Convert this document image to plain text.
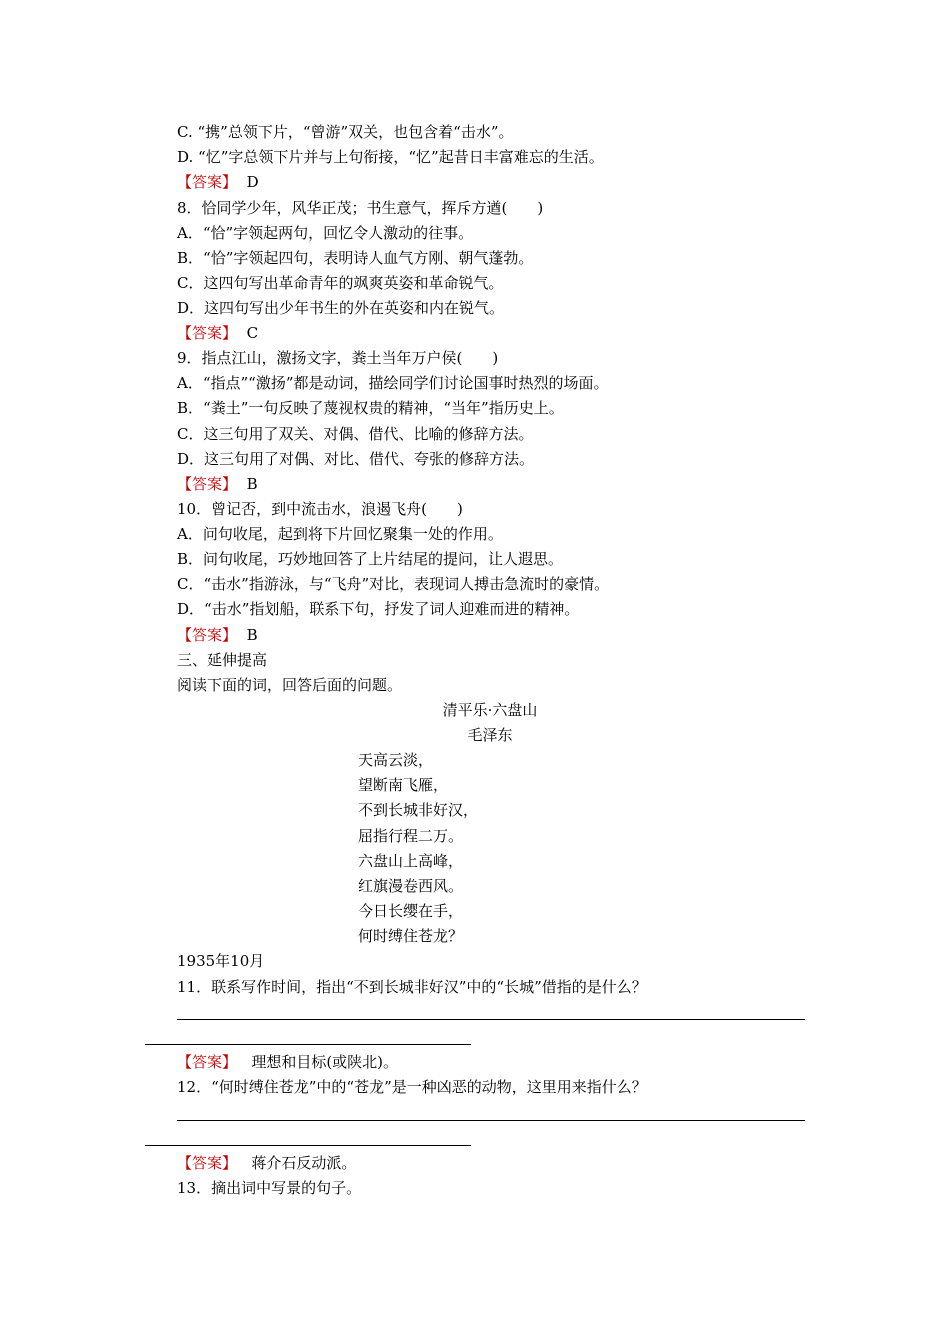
C. “携”总领下片，“曾游”双关，也包含着“击水”。
D. “忆”字总领下片并与上句衔接，“忆”起昔日丰富难忘的生活。
【答案】 D
8．恰同学少年，风华正茂；书生意气，挥斥方遒(　　)
A．“恰”字领起两句，回忆令人激动的往事。
B．“恰”字领起四句，表明诗人血气方刚、朝气蓬勃。
C．这四句写出革命青年的飒爽英姿和革命锐气。
D．这四句写出少年书生的外在英姿和内在锐气。
【答案】 C
9．指点江山，激扬文字，粪土当年万户侯(　　)
A．“指点”“激扬”都是动词，描绘同学们讨论国事时热烈的场面。
B．“粪土”一句反映了蔑视权贵的精神，“当年”指历史上。
C．这三句用了双关、对偶、借代、比喻的修辞方法。
D．这三句用了对偶、对比、借代、夸张的修辞方法。
【答案】 B
10．曾记否，到中流击水，浪遏飞舟(　　)
A．问句收尾，起到将下片回忆聚集一处的作用。
B．问句收尾，巧妙地回答了上片结尾的提问，让人遐思。
C．“击水”指游泳，与“飞舟”对比，表现词人搏击急流时的豪情。
D．“击水”指划船，联系下句，抒发了词人迎难而进的精神。
【答案】 B
三、延伸提高
阅读下面的词，回答后面的问题。
清平乐·六盘山
毛泽东
天高云淡，
望断南飞雁，
不到长城非好汉，
屈指行程二万。
六盘山上高峰，
红旗漫卷西风。
今日长缨在手，
何时缚住苍龙？
1935年10月
11．联系写作时间，指出“不到长城非好汉”中的“长城”借指的是什么？
【答案】 理想和目标(或陕北)。
12．“何时缚住苍龙”中的“苍龙”是一种凶恶的动物，这里用来指什么？
【答案】 蒋介石反动派。
13．摘出词中写景的句子。
